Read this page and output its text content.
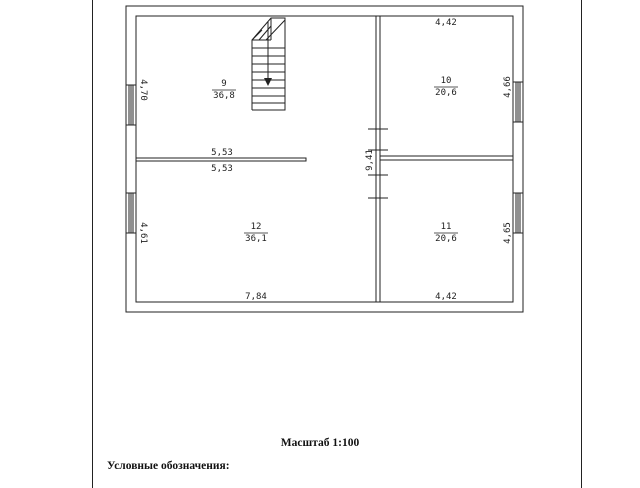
9
36,8
10
20,6
11
20,6
12
36,1
4,42
4,42
7,84
5,53
5,53
4,70
4,61
4,66
4,65
9,41
Масштаб 1:100
Условные обозначения:
